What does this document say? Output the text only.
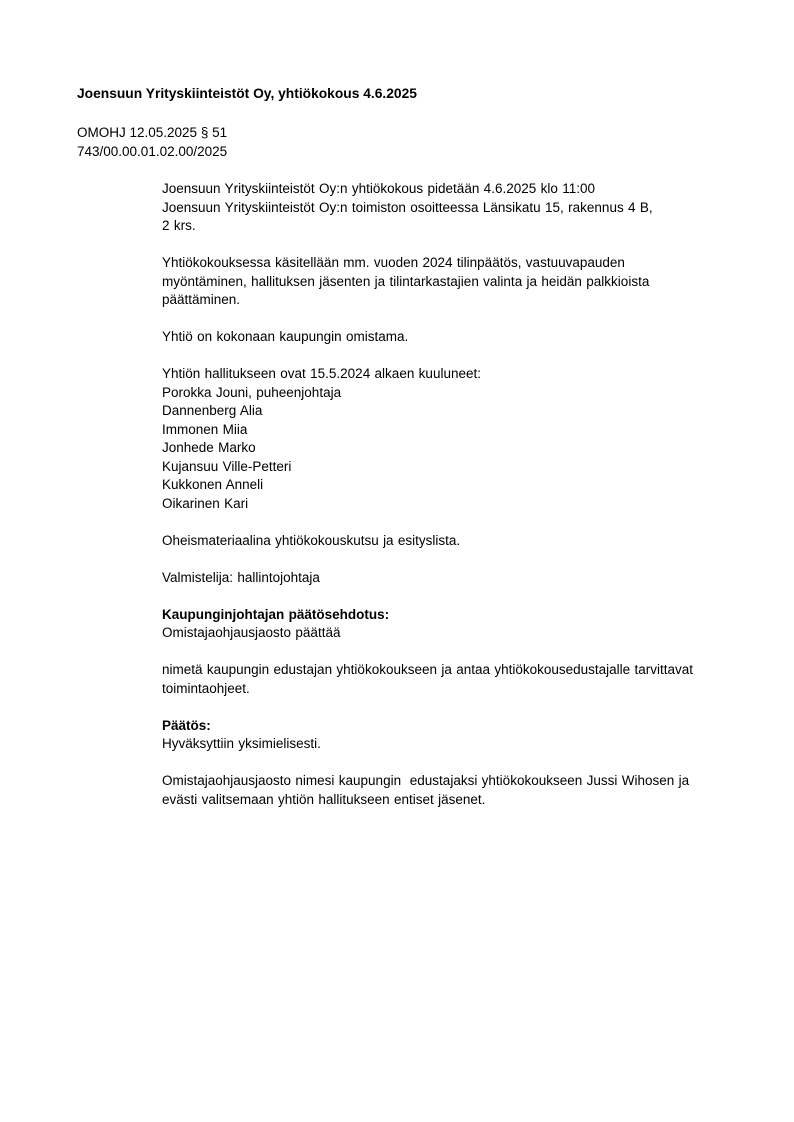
Joensuun Yrityskiinteistöt Oy, yhtiökokous 4.6.2025
OMOHJ 12.05.2025 § 51
743/00.00.01.02.00/2025
Joensuun Yrityskiinteistöt Oy:n yhtiökokous pidetään 4.6.2025 klo 11:00
Joensuun Yrityskiinteistöt Oy:n toimiston osoitteessa Länsikatu 15, rakennus 4 B,
2 krs.
Yhtiökokouksessa käsitellään mm. vuoden 2024 tilinpäätös, vastuuvapauden
myöntäminen, hallituksen jäsenten ja tilintarkastajien valinta ja heidän palkkioista
päättäminen.
Yhtiö on kokonaan kaupungin omistama.
Yhtiön hallitukseen ovat 15.5.2024 alkaen kuuluneet:
Porokka Jouni, puheenjohtaja
Dannenberg Alia
Immonen Miia
Jonhede Marko
Kujansuu Ville-Petteri
Kukkonen Anneli
Oikarinen Kari
Oheismateriaalina yhtiökokouskutsu ja esityslista.
Valmistelija: hallintojohtaja
Kaupunginjohtajan päätösehdotus:
Omistajaohjausjaosto päättää
nimetä kaupungin edustajan yhtiökokoukseen ja antaa yhtiökokousedustajalle tarvittavat
toimintaohjeet.
Päätös:
Hyväksyttiin yksimielisesti.
Omistajaohjausjaosto nimesi kaupungin  edustajaksi yhtiökokoukseen Jussi Wihosen ja
evästi valitsemaan yhtiön hallitukseen entiset jäsenet.
